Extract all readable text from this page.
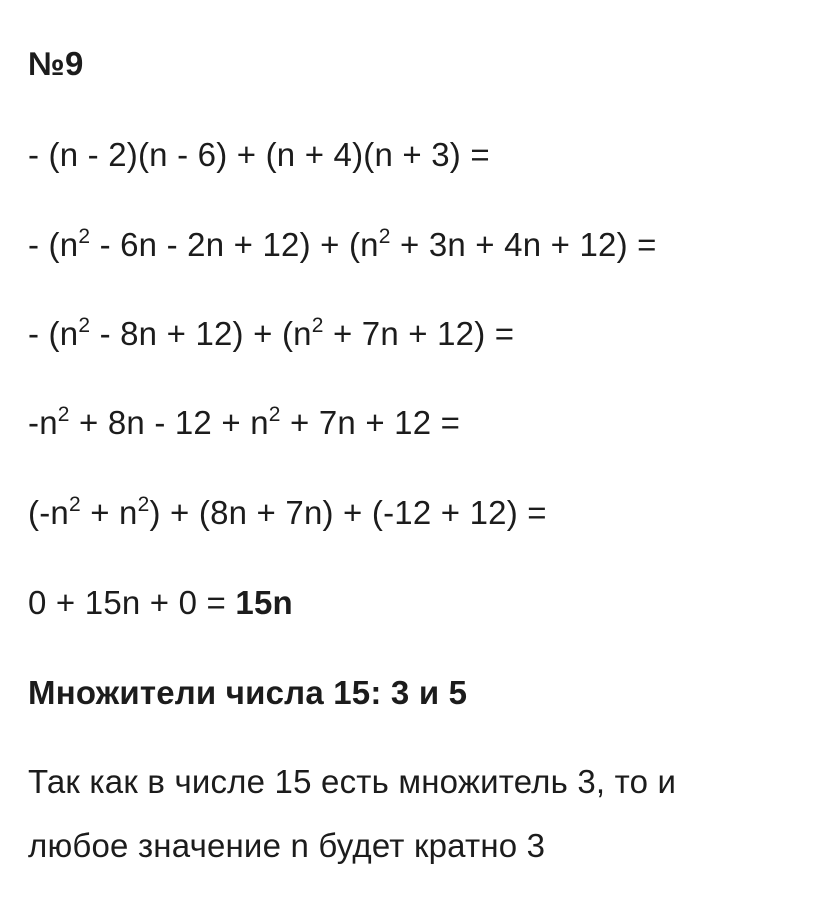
№9
- (n - 2)(n - 6) + (n + 4)(n + 3) =
- $(n^2 - 6n - 2n + 12) + (n^2 + 3n + 4n + 12)$ =
- $(n^2 - 8n + 12) + (n^2 + 7n + 12)$ =
$-n^2 + 8n - 12 + n^2 + 7n + 12$ =
$(-n^2 + n^2) + (8n + 7n) + (-12 + 12)$ =
0 + 15n + 0 = 15n
Множители числа 15: 3 и 5
Так как в числе 15 есть множитель 3, то и
любое значение n будет кратно 3
